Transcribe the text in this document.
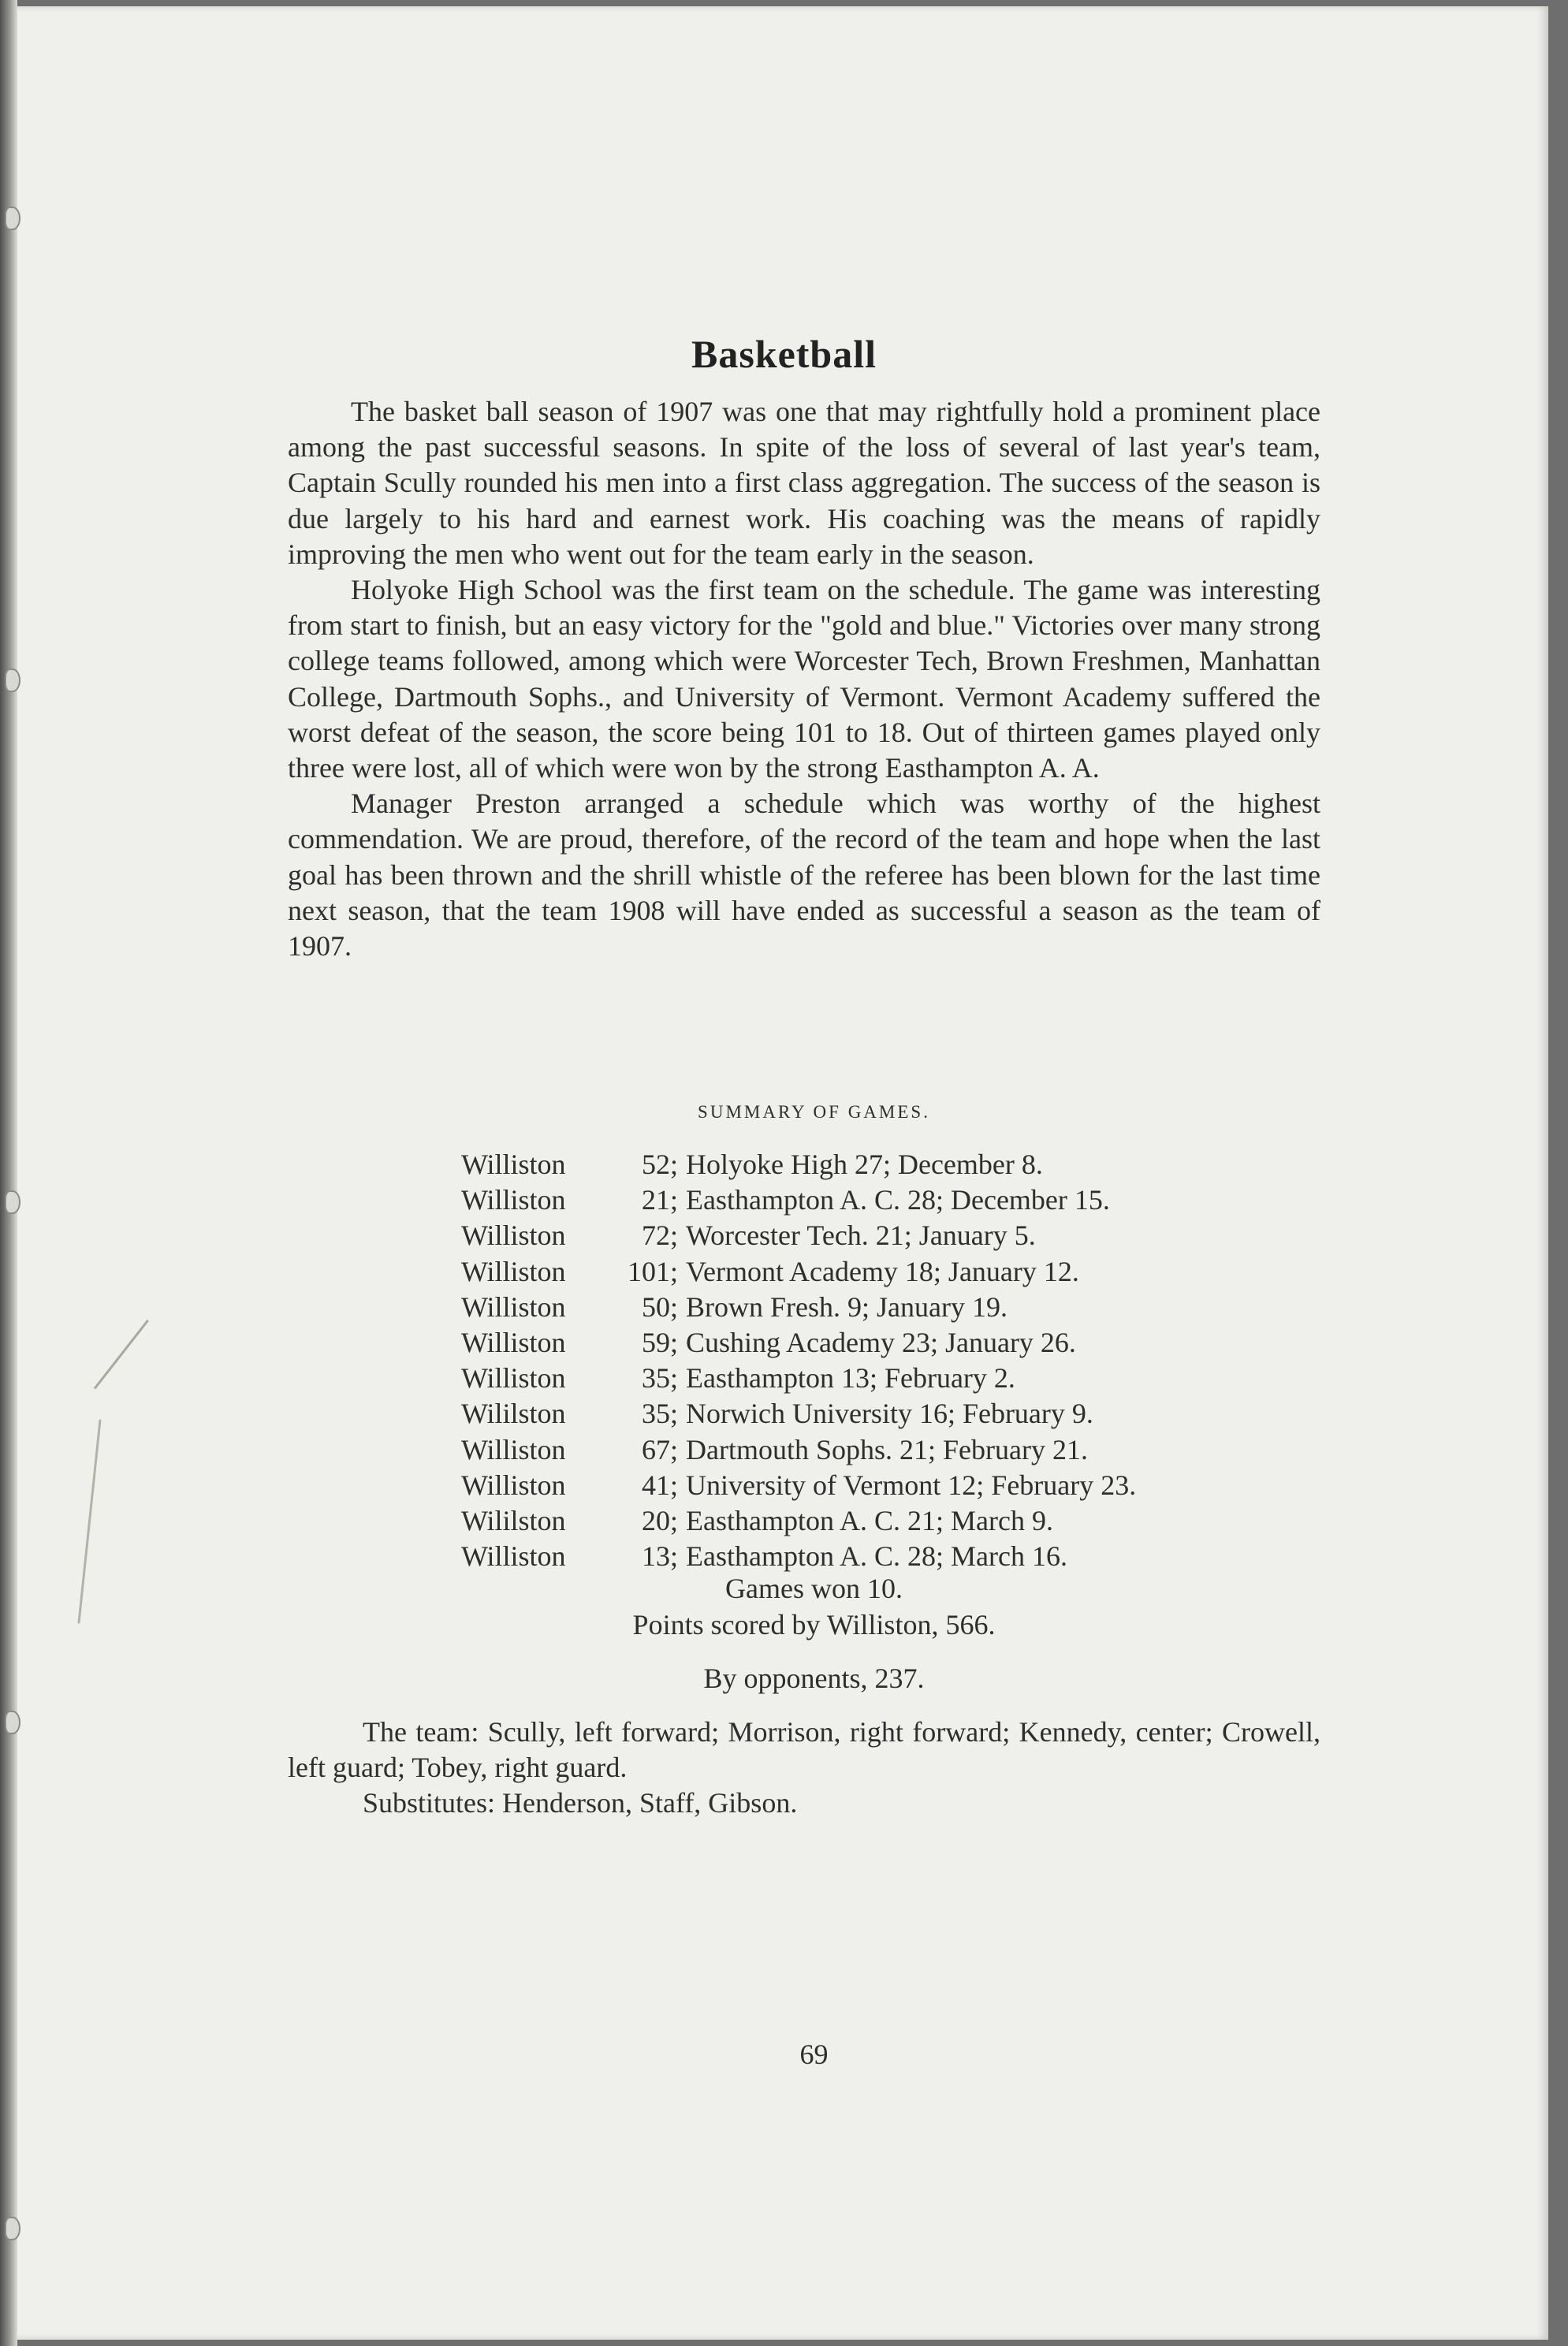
Basketball

The basket ball season of 1907 was one that may rightfully hold a prominent place among the past successful seasons. In spite of the loss of several of last year's team, Captain Scully rounded his men into a first class aggregation. The success of the season is due largely to his hard and earnest work. His coaching was the means of rapidly improving the men who went out for the team early in the season.

Holyoke High School was the first team on the schedule. The game was interesting from start to finish, but an easy victory for the "gold and blue." Victories over many strong college teams followed, among which were Worcester Tech, Brown Freshmen, Manhattan College, Dartmouth Sophs., and University of Vermont. Vermont Academy suffered the worst defeat of the season, the score being 101 to 18. Out of thirteen games played only three were lost, all of which were won by the strong Easthampton A. A.

Manager Preston arranged a schedule which was worthy of the highest commendation. We are proud, therefore, of the record of the team and hope when the last goal has been thrown and the shrill whistle of the referee has been blown for the last time next season, that the team 1908 will have ended as successful a season as the team of 1907.

SUMMARY OF GAMES.
Williston	52; Holyoke High 27; December 8.
Williston	21; Easthampton A. C. 28; December 15.
Williston	72; Worcester Tech. 21; January 5.
Williston	101; Vermont Academy 18; January 12.
Williston	50; Brown Fresh. 9; January 19.
Williston	59; Cushing Academy 23; January 26.
Williston	35; Easthampton 13; February 2.
Wililston	35; Norwich University 16; February 9.
Williston	67; Dartmouth Sophs. 21; February 21.
Williston	41; University of Vermont 12; February 23.
Wililston	20; Easthampton A. C. 21; March 9.
Williston	13; Easthampton A. C. 28; March 16.
Games won 10.
Points scored by Williston, 566.
By opponents, 237.

The team: Scully, left forward; Morrison, right forward; Kennedy, center; Crowell, left guard; Tobey, right guard.

Substitutes: Henderson, Staff, Gibson.

69
